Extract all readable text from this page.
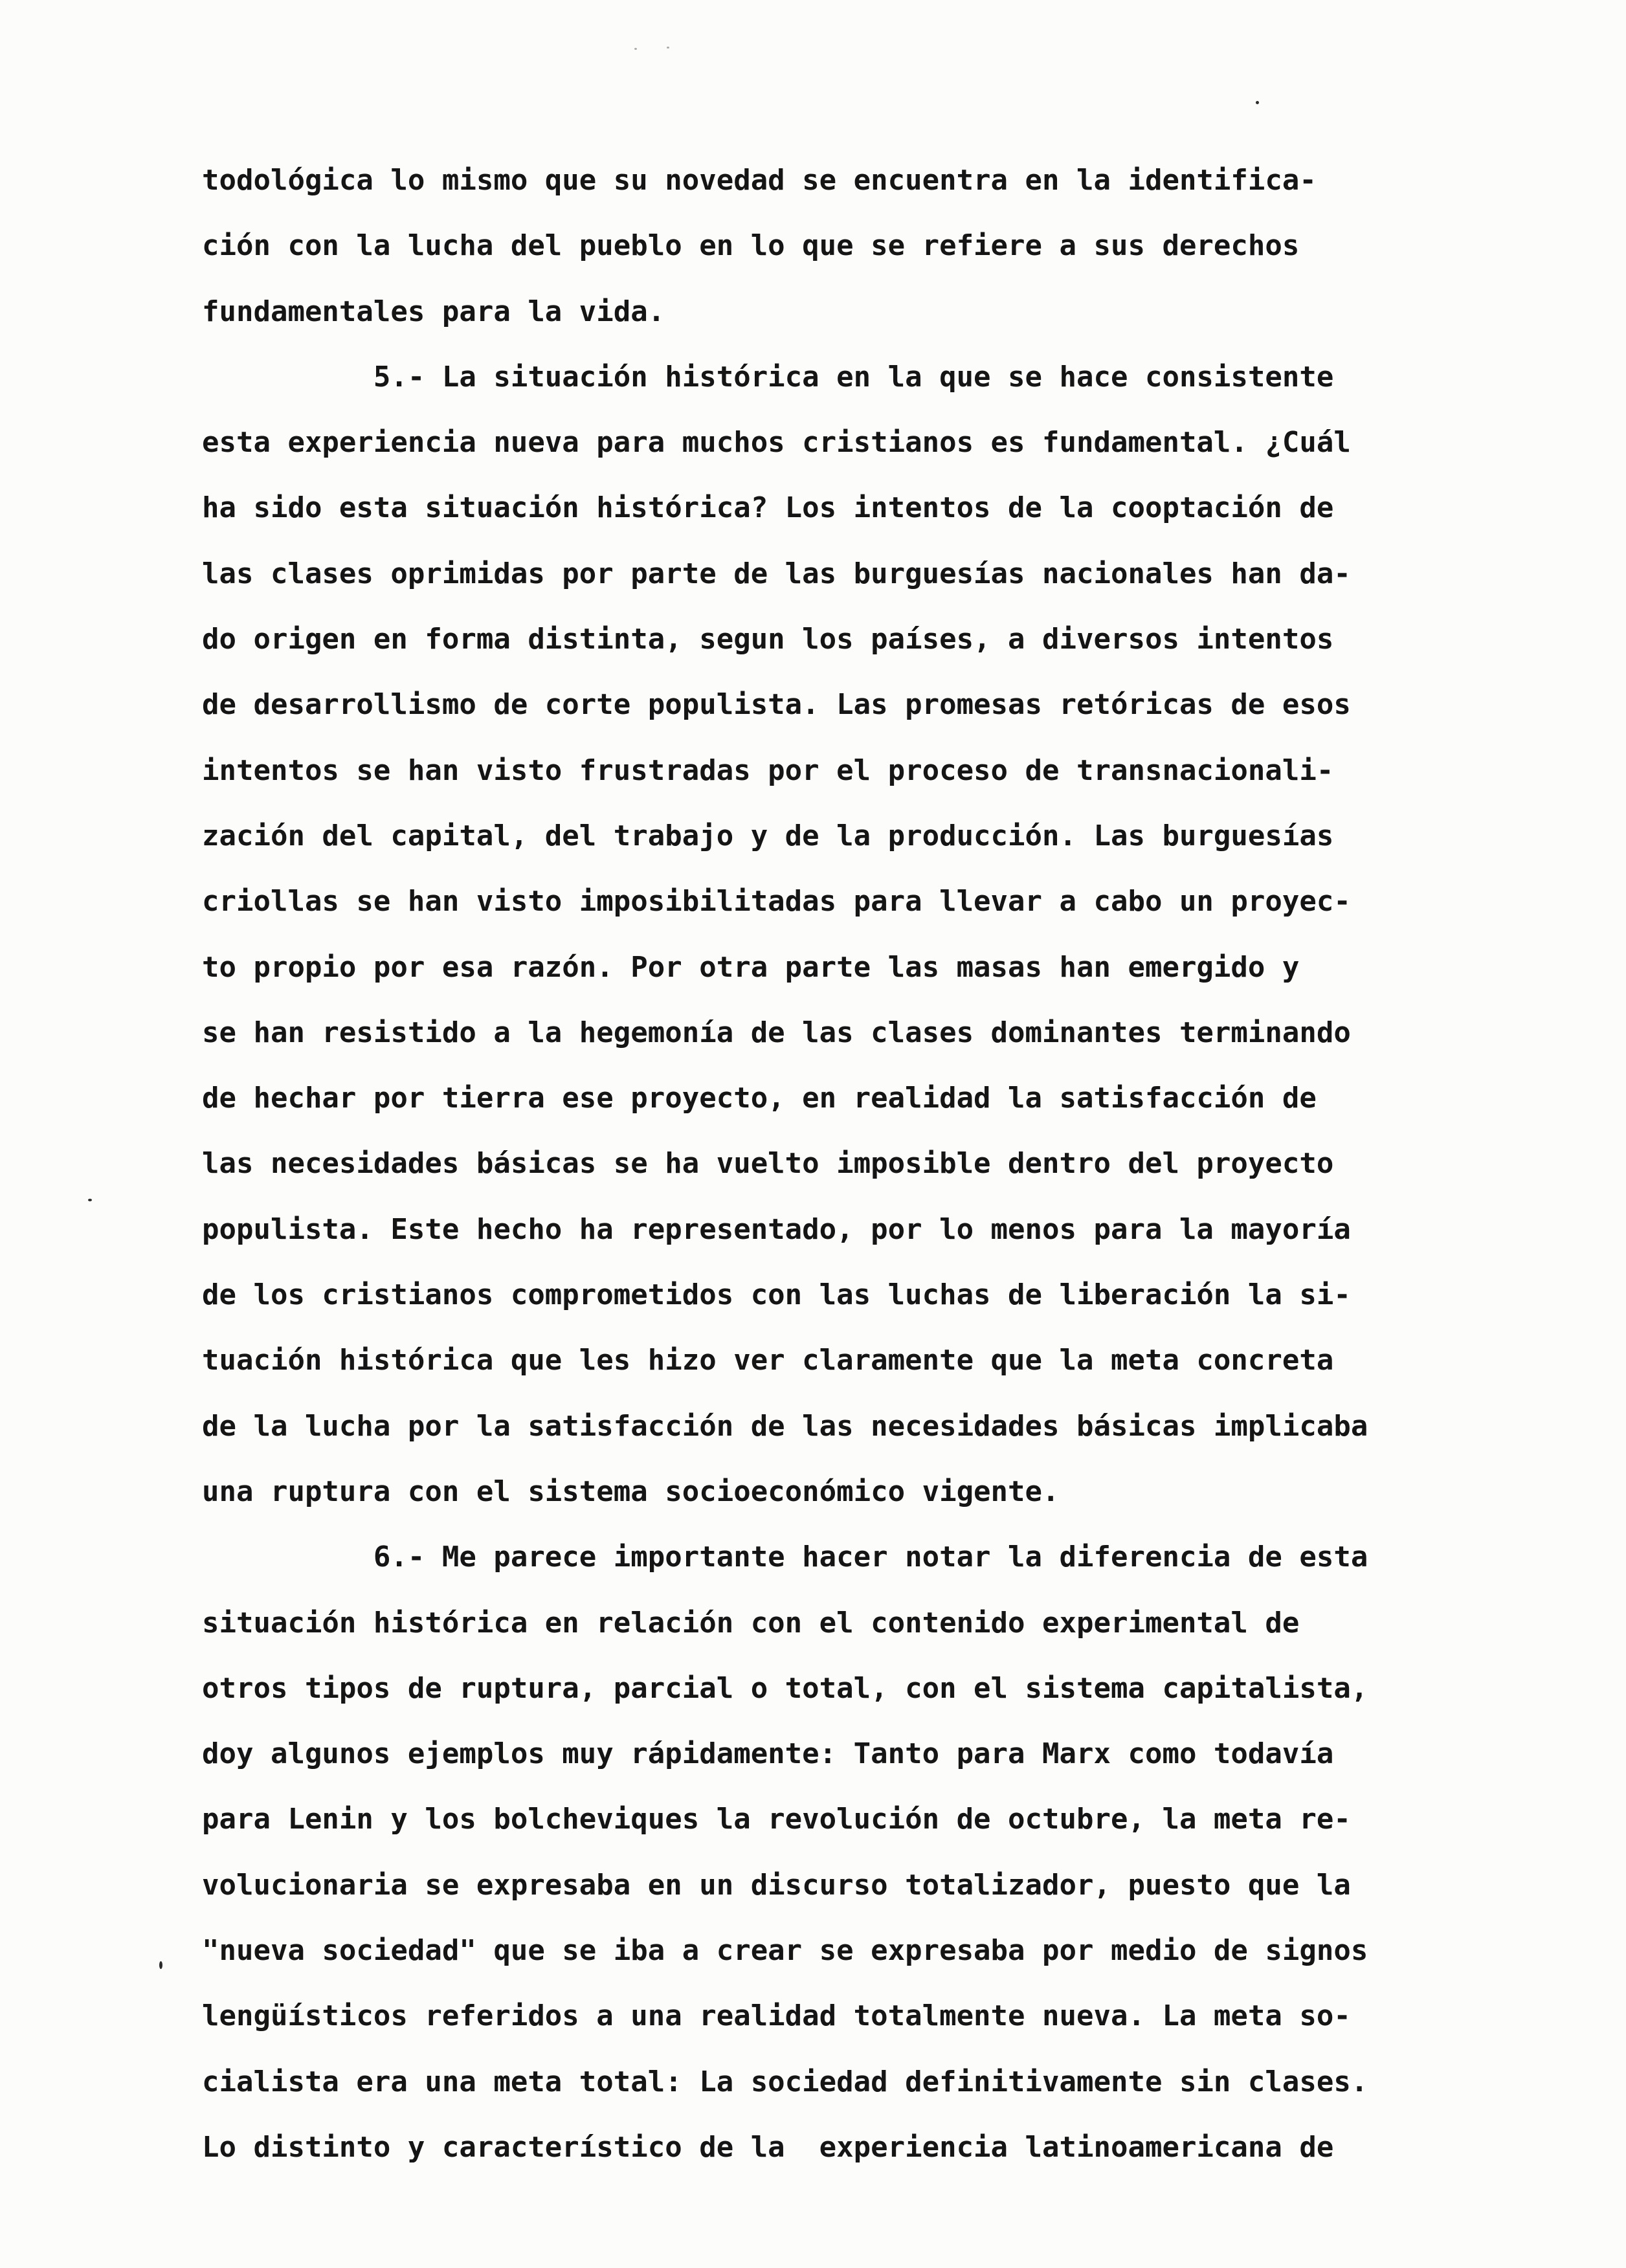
todológica lo mismo que su novedad se encuentra en la identifica-
ción con la lucha del pueblo en lo que se refiere a sus derechos
fundamentales para la vida.
5.- La situación histórica en la que se hace consistente
esta experiencia nueva para muchos cristianos es fundamental. ¿Cuál
ha sido esta situación histórica? Los intentos de la cooptación de
las clases oprimidas por parte de las burguesías nacionales han da-
do origen en forma distinta, segun los países, a diversos intentos
de desarrollismo de corte populista. Las promesas retóricas de esos
intentos se han visto frustradas por el proceso de transnacionali-
zación del capital, del trabajo y de la producción. Las burguesías
criollas se han visto imposibilitadas para llevar a cabo un proyec-
to propio por esa razón. Por otra parte las masas han emergido y
se han resistido a la hegemonía de las clases dominantes terminando
de hechar por tierra ese proyecto, en realidad la satisfacción de
las necesidades básicas se ha vuelto imposible dentro del proyecto
populista. Este hecho ha representado, por lo menos para la mayoría
de los cristianos comprometidos con las luchas de liberación la si-
tuación histórica que les hizo ver claramente que la meta concreta
de la lucha por la satisfacción de las necesidades básicas implicaba
una ruptura con el sistema socioeconómico vigente.
6.- Me parece importante hacer notar la diferencia de esta
situación histórica en relación con el contenido experimental de
otros tipos de ruptura, parcial o total, con el sistema capitalista,
doy algunos ejemplos muy rápidamente: Tanto para Marx como todavía
para Lenin y los bolcheviques la revolución de octubre, la meta re-
volucionaria se expresaba en un discurso totalizador, puesto que la
"nueva sociedad" que se iba a crear se expresaba por medio de signos
lengüísticos referidos a una realidad totalmente nueva. La meta so-
cialista era una meta total: La sociedad definitivamente sin clases.
Lo distinto y característico de la  experiencia latinoamericana de
